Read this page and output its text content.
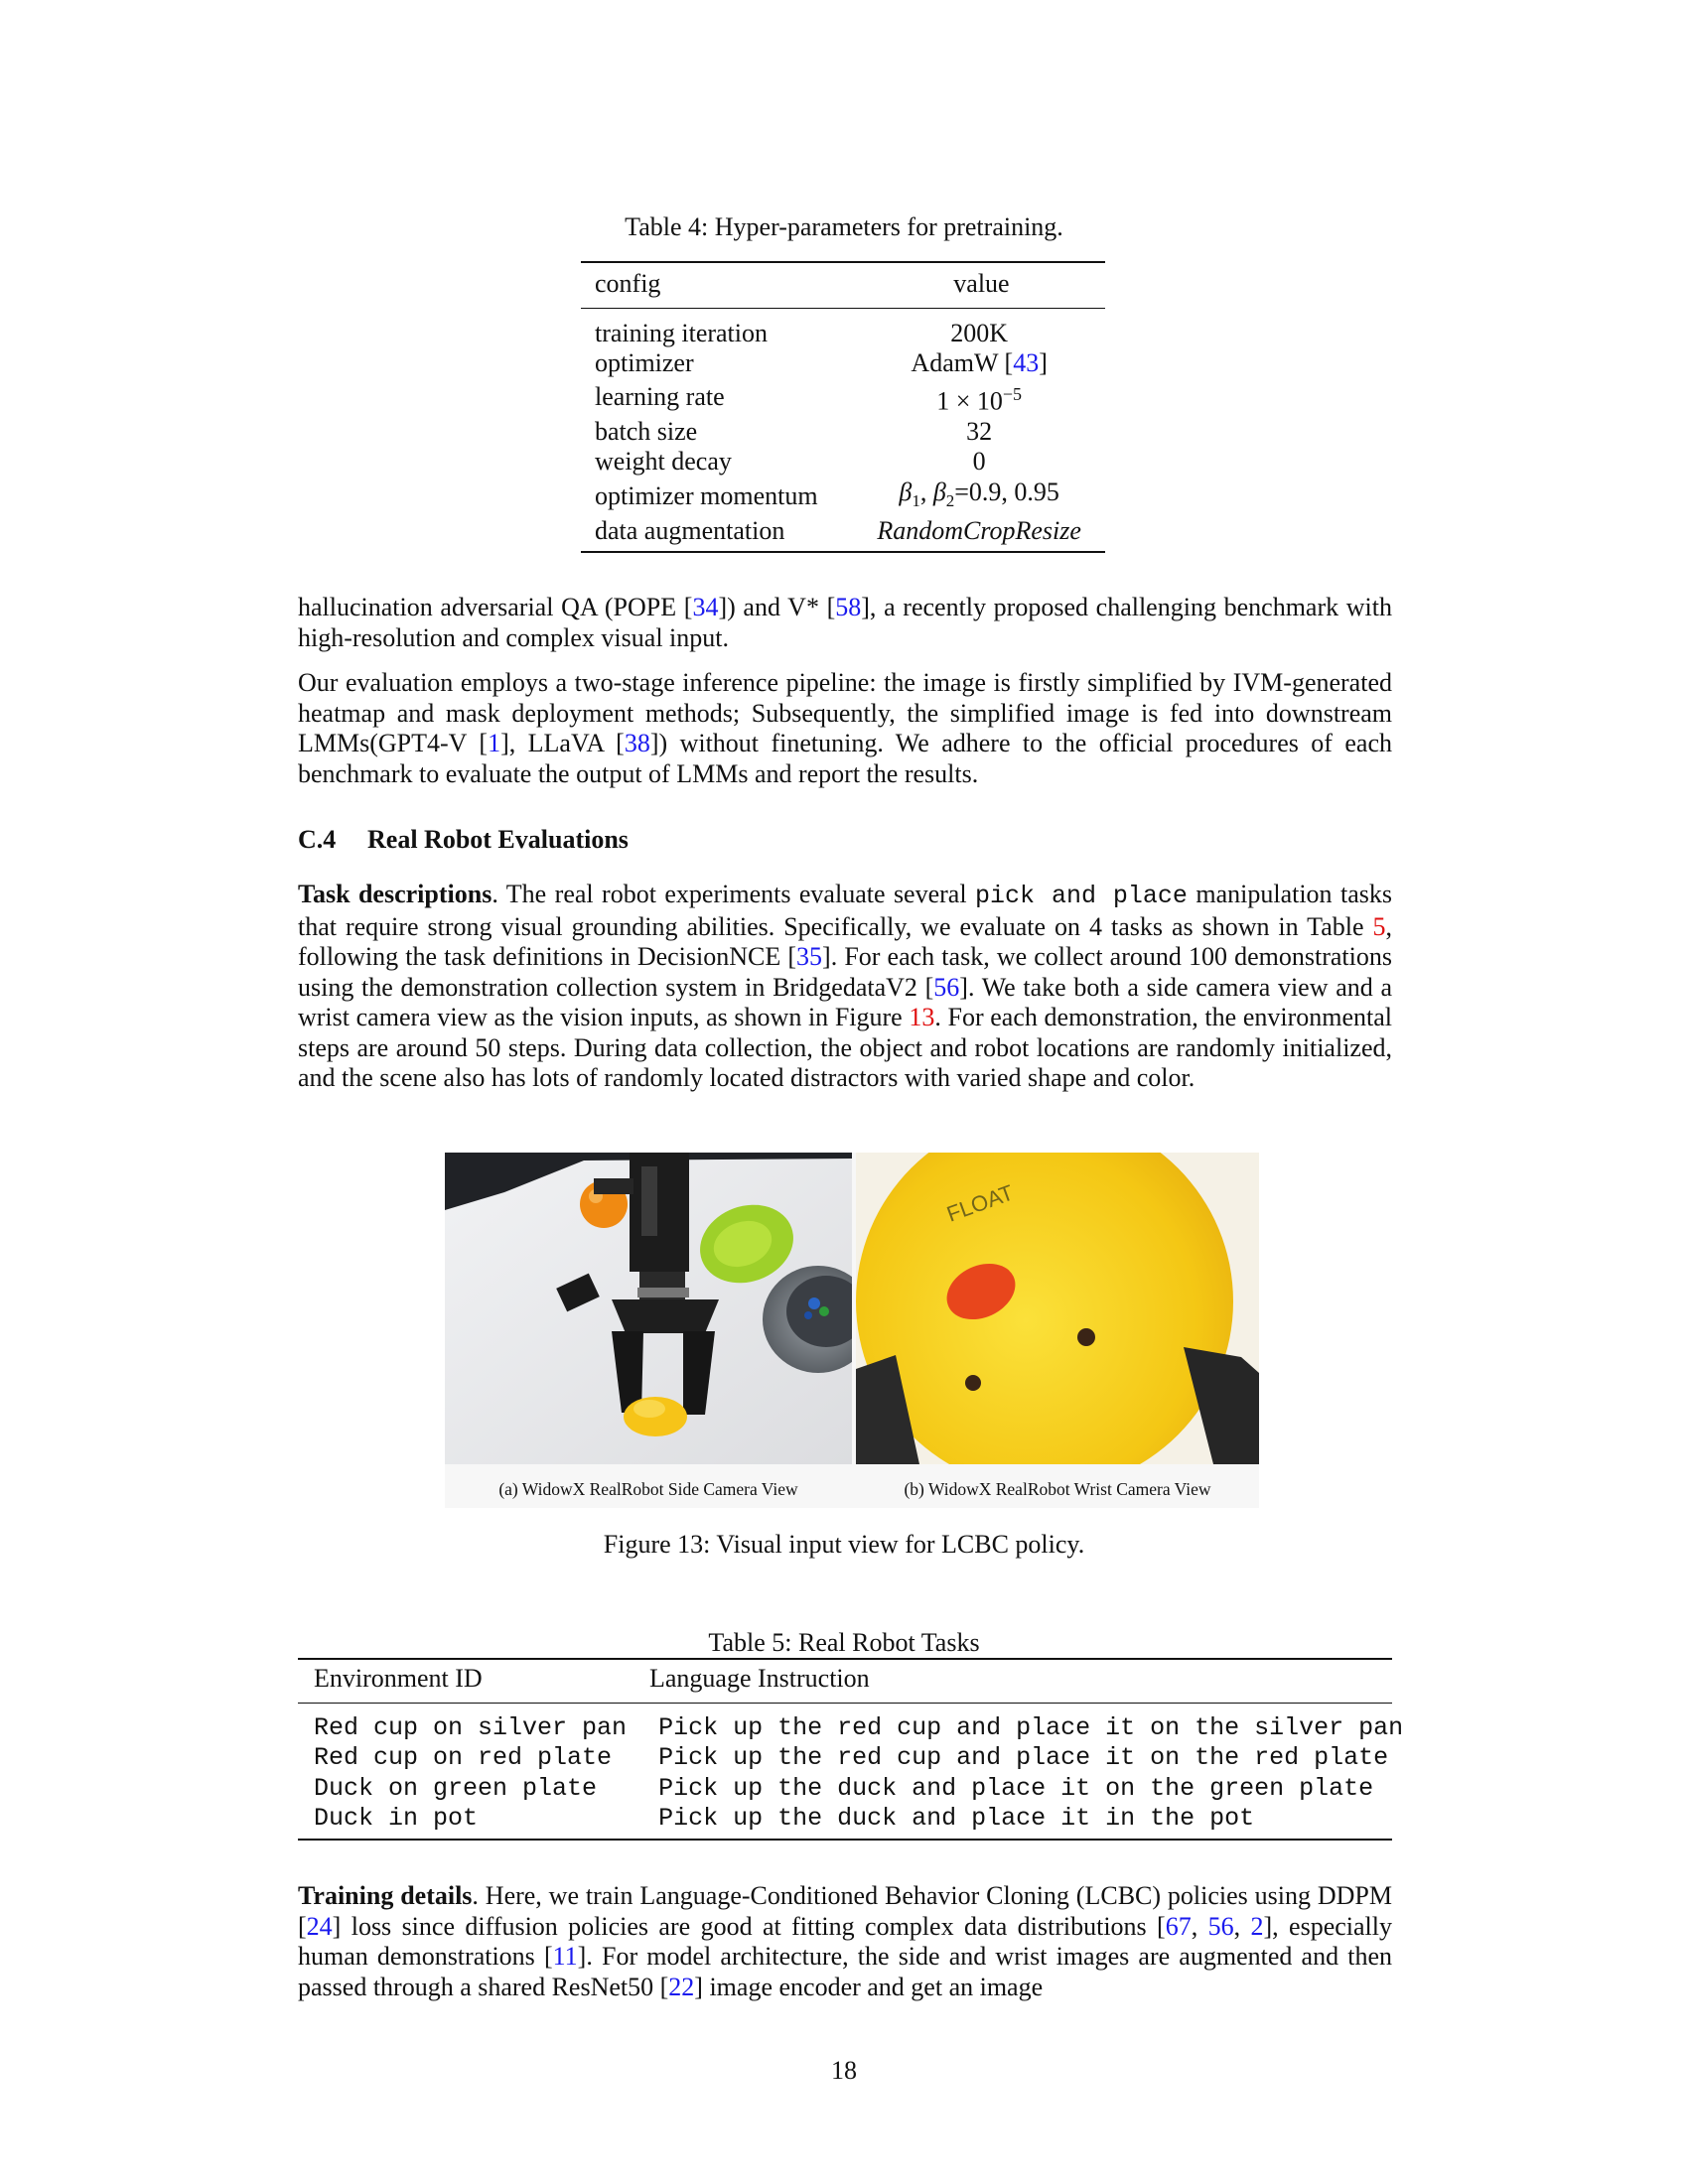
Table 4: Hyper-parameters for pretraining.
config	value
training iteration	200K
optimizer	AdamW [43]
learning rate	$1 \times 10^{-5}$
batch size	32
weight decay	0
optimizer momentum	$\beta_1$, $\beta_2=0.9$, 0.95
data augmentation	RandomCropResize
hallucination adversarial QA (POPE [34]) and V* [58], a recently proposed challenging benchmark with high-resolution and complex visual input.
Our evaluation employs a two-stage inference pipeline: the image is firstly simplified by IVM-generated heatmap and mask deployment methods; Subsequently, the simplified image is fed into downstream LMMs(GPT4-V [1], LLaVA [38]) without finetuning. We adhere to the official procedures of each benchmark to evaluate the output of LMMs and report the results.
C.4 Real Robot Evaluations
Task descriptions. The real robot experiments evaluate several pick and place manipulation tasks that require strong visual grounding abilities. Specifically, we evaluate on 4 tasks as shown in Table 5, following the task definitions in DecisionNCE [35]. For each task, we collect around 100 demonstrations using the demonstration collection system in BridgedataV2 [56]. We take both a side camera view and a wrist camera view as the vision inputs, as shown in Figure 13. For each demonstration, the environmental steps are around 50 steps. During data collection, the object and robot locations are randomly initialized, and the scene also has lots of randomly located distractors with varied shape and color.
FLOAT
(a) WidowX RealRobot Side Camera View	(b) WidowX RealRobot Wrist Camera View
Figure 13: Visual input view for LCBC policy.
Table 5: Real Robot Tasks
Environment ID	Language Instruction
Red cup on silver pan	Pick up the red cup and place it on the silver pan
Red cup on red plate	Pick up the red cup and place it on the red plate
Duck on green plate	Pick up the duck and place it on the green plate
Duck in pot	Pick up the duck and place it in the pot
Training details. Here, we train Language-Conditioned Behavior Cloning (LCBC) policies using DDPM [24] loss since diffusion policies are good at fitting complex data distributions [67, 56, 2], especially human demonstrations [11]. For model architecture, the side and wrist images are augmented and then passed through a shared ResNet50 [22] image encoder and get an image
18
